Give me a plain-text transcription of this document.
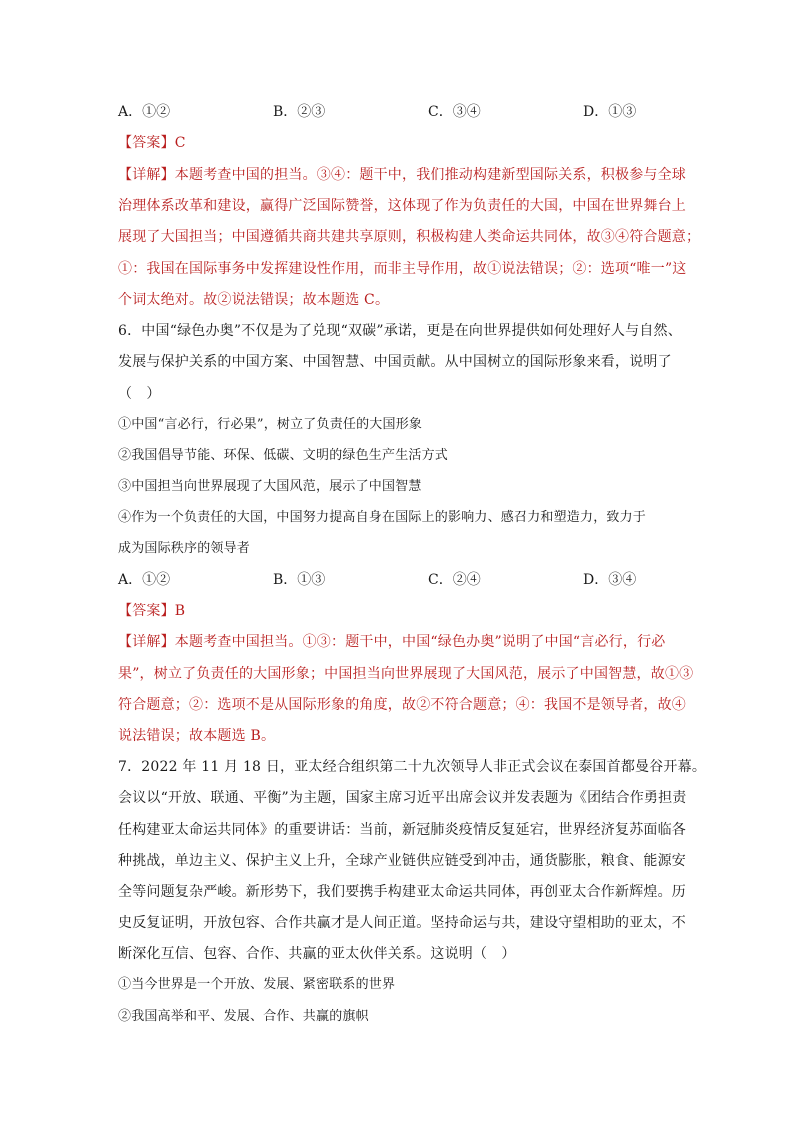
A．①②	B．②③	C．③④	D．①③
【答案】C
【详解】本题考查中国的担当。③④：题干中，我们推动构建新型国际关系，积极参与全球
治理体系改革和建设，赢得广泛国际赞誉，这体现了作为负责任的大国，中国在世界舞台上
展现了大国担当；中国遵循共商共建共享原则，积极构建人类命运共同体，故③④符合题意；
①：我国在国际事务中发挥建设性作用，而非主导作用，故①说法错误；②：选项“唯一”这
个词太绝对。故②说法错误；故本题选 C。
6．中国“绿色办奥”不仅是为了兑现“双碳”承诺，更是在向世界提供如何处理好人与自然、
发展与保护关系的中国方案、中国智慧、中国贡献。从中国树立的国际形象来看，说明了
（　）
①中国“言必行，行必果”，树立了负责任的大国形象
②我国倡导节能、环保、低碳、文明的绿色生产生活方式
③中国担当向世界展现了大国风范，展示了中国智慧
④作为一个负责任的大国，中国努力提高自身在国际上的影响力、感召力和塑造力，致力于
成为国际秩序的领导者
A．①②	B．①③	C．②④	D．③④
【答案】B
【详解】本题考查中国担当。①③：题干中，中国“绿色办奥”说明了中国“言必行，行必
果”，树立了负责任的大国形象；中国担当向世界展现了大国风范，展示了中国智慧，故①③
符合题意；②：选项不是从国际形象的角度，故②不符合题意；④：我国不是领导者，故④
说法错误；故本题选 B。
7．2022 年 11 月 18 日，亚太经合组织第二十九次领导人非正式会议在泰国首都曼谷开幕。
会议以“开放、联通、平衡”为主题，国家主席习近平出席会议并发表题为《团结合作勇担责
任构建亚太命运共同体》的重要讲话：当前，新冠肺炎疫情反复延宕，世界经济复苏面临各
种挑战，单边主义、保护主义上升，全球产业链供应链受到冲击，通货膨胀，粮食、能源安
全等问题复杂严峻。新形势下，我们要携手构建亚太命运共同体，再创亚太合作新辉煌。历
史反复证明，开放包容、合作共赢才是人间正道。坚持命运与共，建设守望相助的亚太，不
断深化互信、包容、合作、共赢的亚太伙伴关系。这说明（　）
①当今世界是一个开放、发展、紧密联系的世界
②我国高举和平、发展、合作、共赢的旗帜
